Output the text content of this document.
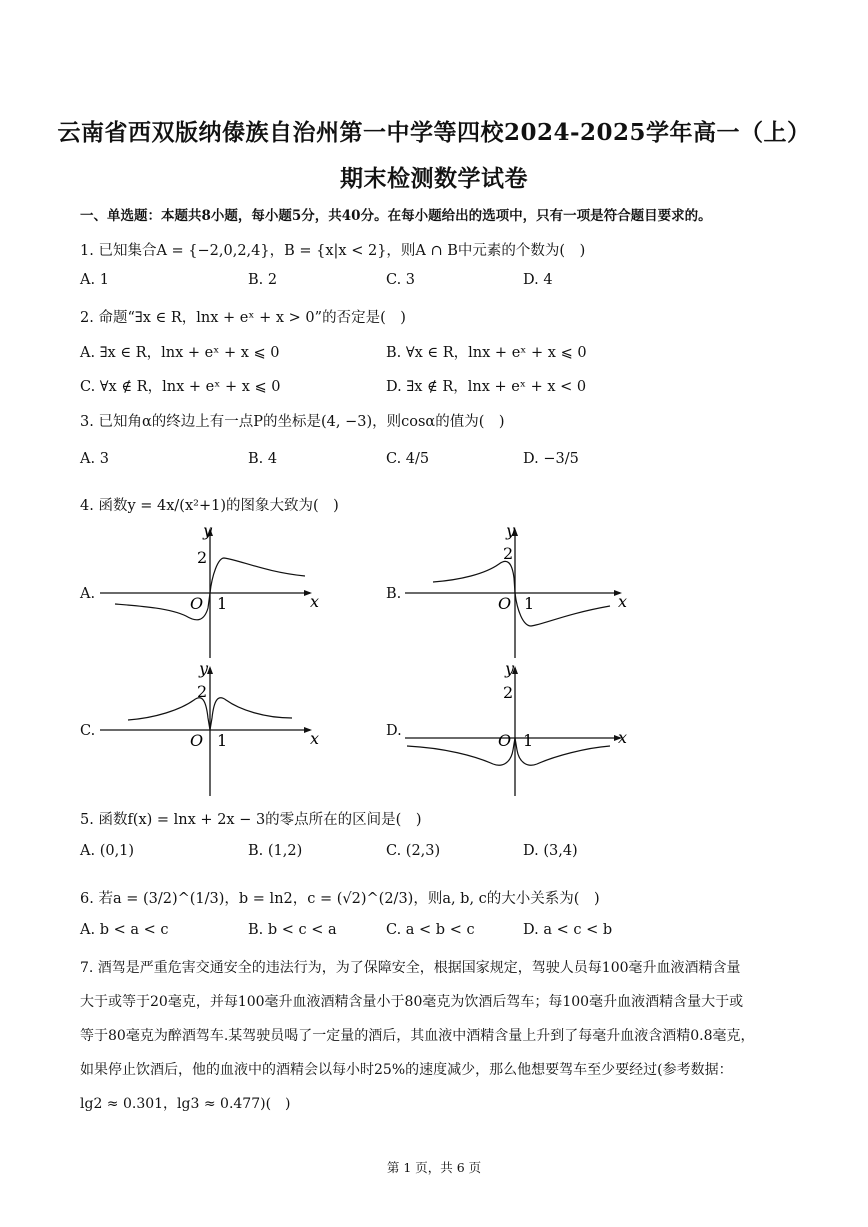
云南省西双版纳傣族自治州第一中学等四校2024-2025学年高一（上）
期末检测数学试卷
一、单选题：本题共8小题，每小题5分，共40分。在每小题给出的选项中，只有一项是符合题目要求的。
1. 已知集合A = {−2,0,2,4}，B = {x|x < 2}，则A ∩ B中元素的个数为(　)
A. 1	B. 2	C. 3	D. 4
2. 命题“∃x ∈ R，lnx + eˣ + x > 0”的否定是(　)
A. ∃x ∈ R，lnx + eˣ + x ⩽ 0	B. ∀x ∈ R，lnx + eˣ + x ⩽ 0
C. ∀x ∉ R，lnx + eˣ + x ⩽ 0	D. ∃x ∉ R，lnx + eˣ + x < 0
3. 已知角α的终边上有一点P的坐标是(4, −3)，则cosα的值为(　)
A. 3	B. 4	C. 4/5	D. −3/5
4. 函数y = 4x/(x²+1)的图象大致为(　)
A.	B.
C.	D.
y
x
O 1
2
y
x
O 1
2
y
x
O 1
2
y
x
O 1
2
5. 函数f(x) = lnx + 2x − 3的零点所在的区间是(　)
A. (0,1)	B. (1,2)	C. (2,3)	D. (3,4)
6. 若a = (3/2)^(1/3)，b = ln2，c = (√2)^(2/3)，则a, b, c的大小关系为(　)
A. b < a < c	B. b < c < a	C. a < b < c	D. a < c < b
7. 酒驾是严重危害交通安全的违法行为，为了保障安全，根据国家规定，驾驶人员每100毫升血液酒精含量
大于或等于20毫克，并每100毫升血液酒精含量小于80毫克为饮酒后驾车；每100毫升血液酒精含量大于或
等于80毫克为醉酒驾车.某驾驶员喝了一定量的酒后，其血液中酒精含量上升到了每毫升血液含酒精0.8毫克，
如果停止饮酒后，他的血液中的酒精会以每小时25%的速度减少，那么他想要驾车至少要经过(参考数据：
lg2 ≈ 0.301，lg3 ≈ 0.477)(　)
第 1 页，共 6 页
